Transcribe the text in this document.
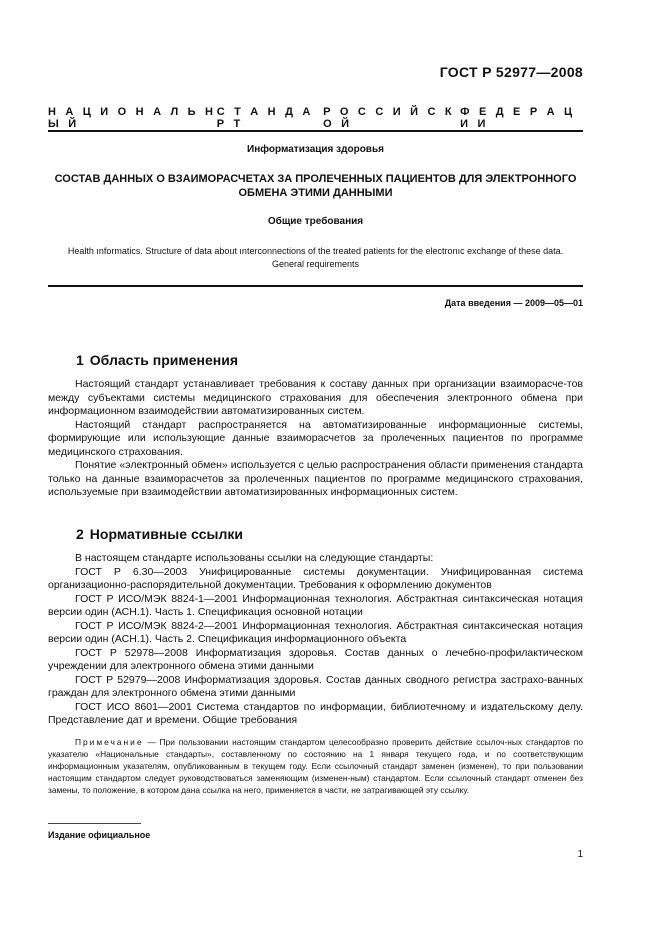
ГОСТ Р 52977—2008
Н А Ц И О Н А Л Ь Н Ы Й
С Т А Н Д А Р Т
Р О С С И Й С К О Й
Ф Е Д Е Р А Ц И И
Информатизация здоровья
СОСТАВ ДАННЫХ О ВЗАИМОРАСЧЕТАХ ЗА ПРОЛЕЧЕННЫХ ПАЦИЕНТОВ ДЛЯ ЭЛЕКТРОННОГО ОБМЕНА ЭТИМИ ДАННЫМИ
Общие требования
Health ınformatics. Structure of data about ınterconnections of the treated patients for the electronıc exchange of these data. General requirements
Дата введения — 2009—05—01
1 Область применения

Настоящий стандарт устанавливает требования к составу данных при организации взаиморасче-тов между субъектами системы медицинского страхования для обеспечения электронного обмена при информационном взаимодействии автоматизированных систем.

Настоящий стандарт распространяется на автоматизированные информационные системы, формирующие или использующие данные взаиморасчетов за пролеченных пациентов по программе медицинского страхования.

Понятие «электронный обмен» используется с целью распространения области применения стандарта только на данные взаиморасчетов за пролеченных пациентов по программе медицинского страхования, используемые при взаимодействии автоматизированных информационных систем.

2 Нормативные ссылки

В настоящем стандарте использованы ссылки на следующие стандарты:

ГОСТ Р 6.30—2003 Унифицированные системы документации. Унифицированная система организационно-распорядительной документации. Требования к оформлению документов

ГОСТ Р ИСО/МЭК 8824-1—2001 Информационная технология. Абстрактная синтаксическая нотация версии один (АСН.1). Часть 1. Спецификация основной нотации

ГОСТ Р ИСО/МЭК 8824-2—2001 Информационная технология. Абстрактная синтаксическая нотация версии один (АСН.1). Часть 2. Спецификация информационного объекта

ГОСТ Р 52978—2008 Информатизация здоровья. Состав данных о лечебно-профилактическом учреждении для электронного обмена этими данными

ГОСТ Р 52979—2008 Информатизация здоровья. Состав данных сводного регистра застрахо-ванных граждан для электронного обмена этими данными

ГОСТ ИСО 8601—2001 Система стандартов по информации, библиотечному и издательскому делу. Представление дат и времени. Общие требования

Примечание — При пользовании настоящим стандартом целесообразно проверить действие ссылоч-ных стандартов по указателю «Национальные стандарты», составленному по состоянию на 1 января текущего года, и по соответствующим информационным указателям, опубликованным в текущем году. Если ссылочный стандарт заменен (изменен), то при пользовании настоящим стандартом следует руководствоваться заменяющим (изменен-ным) стандартом. Если ссылочный стандарт отменен без замены, то положение, в котором дана ссылка на него, применяется в части, не затрагивающей эту ссылку.

Издание официальное
1
